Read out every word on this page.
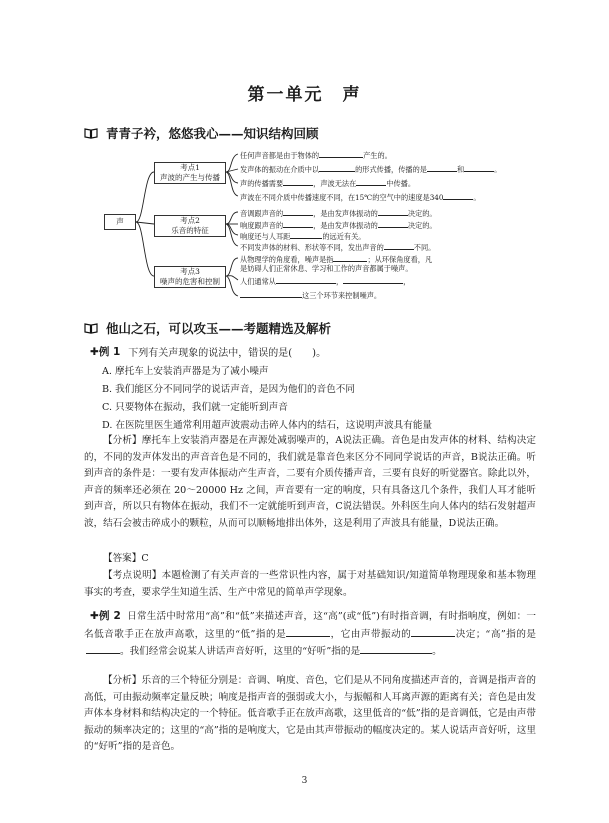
第一单元　声
青青子衿，悠悠我心——知识结构回顾
声
考点1
声波的产生与传播
考点2
乐音的特征
考点3
噪声的危害和控制
任何声音都是由于物体的	产生的。
发声体的振动在介质中以	的形式传播，传播的是	和	。
声的传播需要	，声波无法在	中传播。
声波在不同介质中传播速度不同，在15℃的空气中的速度是340	。
音调跟声音的	，是由发声体振动的	决定的。
响度跟声音的	，是由发声体振动的	决定的。
响度还与人耳距	的远近有关。
不同发声体的材料、形状等不同，发出声音的	不同。
从物理学的角度看，噪声是指	；从环保角度看，凡
是妨碍人们正常休息、学习和工作的声音都属于噪声。
人们通常从	，	，
这三个环节来控制噪声。
他山之石，可以攻玉——考题精选及解析
✚例 1 下列有关声现象的说法中，错误的是(　　)。
A. 摩托车上安装消声器是为了减小噪声
B. 我们能区分不同同学的说话声音，是因为他们的音色不同
C. 只要物体在振动，我们就一定能听到声音
D. 在医院里医生通常利用超声波震动击碎人体内的结石，这说明声波具有能量
【分析】摩托车上安装消声器是在声源处减弱噪声的，A说法正确。音色是由发声体的材料、结构决定的，不同的发声体发出的声音音色是不同的，我们就是靠音色来区分不同同学说话的声音，B说法正确。听到声音的条件是：一要有发声体振动产生声音，二要有介质传播声音，三要有良好的听觉器官。除此以外，声音的频率还必须在 20～20000 Hz 之间，声音要有一定的响度，只有具备这几个条件，我们人耳才能听到声音，所以只有物体在振动，我们不一定就能听到声音，C说法错误。外科医生向人体内的结石发射超声波，结石会被击碎成小的颗粒，从而可以顺畅地排出体外，这是利用了声波具有能量，D说法正确。
【答案】C
【考点说明】本题检测了有关声音的一些常识性内容，属于对基础知识/知道简单物理现象和基本物理事实的考查，要求学生知道生活、生产中常见的简单声学现象。
✚例 2 日常生活中时常用“高”和“低”来描述声音，这“高”(或“低”)有时指音调，有时指响度，例如：一名低音歌手正在放声高歌，这里的“低”指的是	，它由声带振动的	决定；“高”指的是。我们经常会说某人讲话声音好听，这里的“好听”指的是	。
【分析】乐音的三个特征分别是：音调、响度、音色，它们是从不同角度描述声音的，音调是指声音的高低，可由振动频率定量反映；响度是指声音的强弱或大小，与振幅和人耳离声源的距离有关；音色是由发声体本身材料和结构决定的一个特征。低音歌手正在放声高歌，这里低音的“低”指的是音调低，它是由声带振动的频率决定的；这里的“高”指的是响度大，它是由其声带振动的幅度决定的。某人说话声音好听，这里的“好听”指的是音色。
3
